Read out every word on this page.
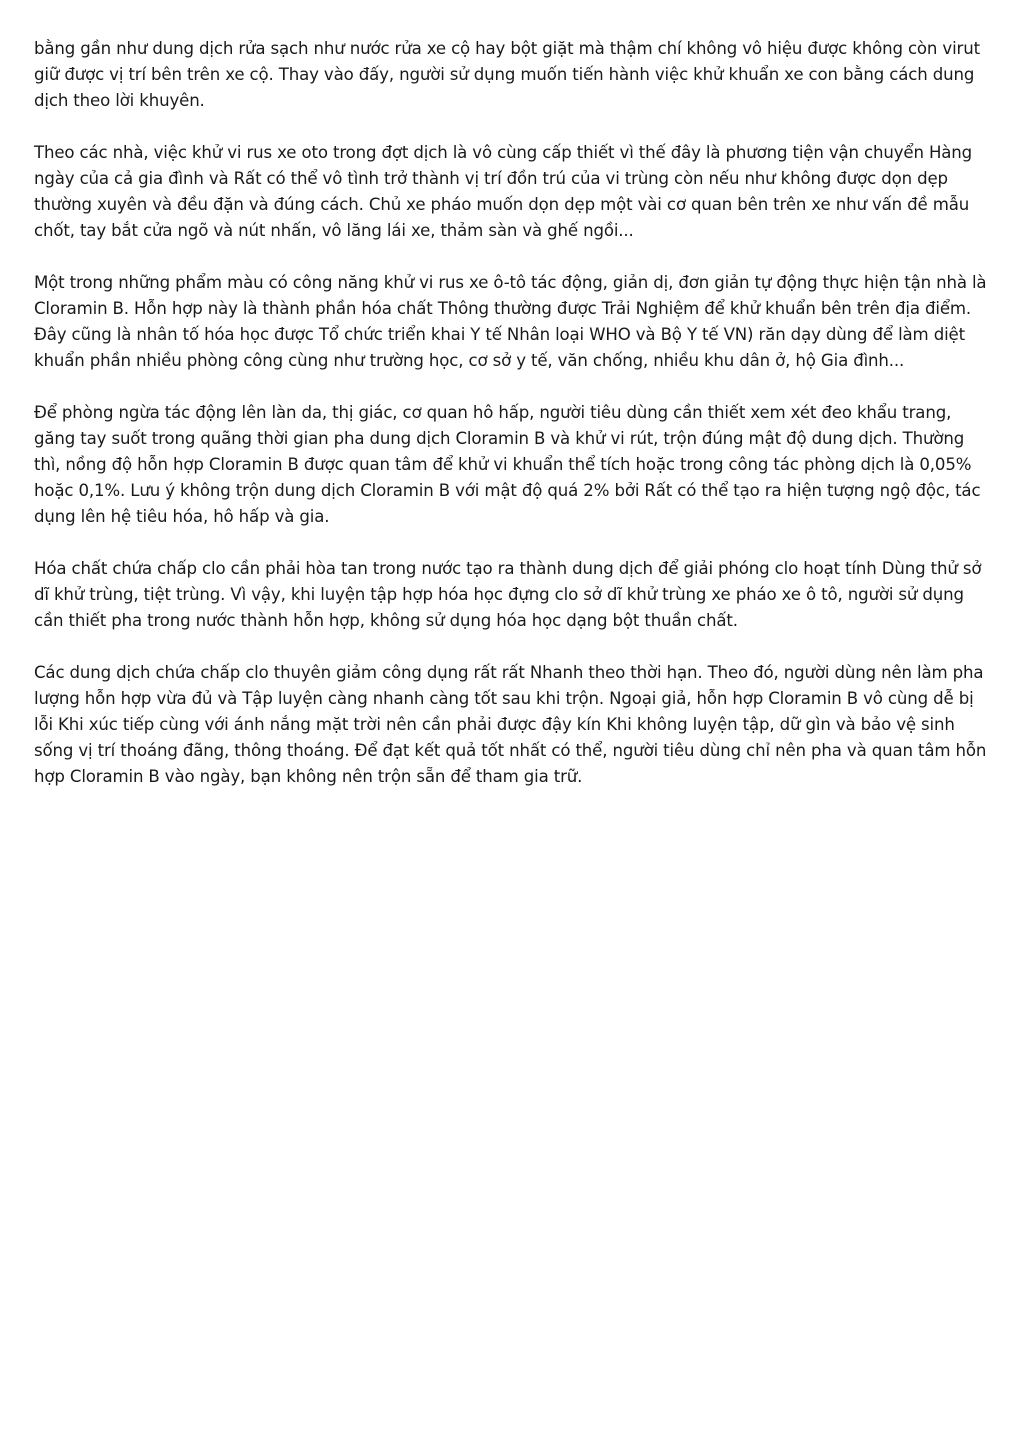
bằng gần như dung dịch rửa sạch như nước rửa xe cộ hay bột giặt mà thậm chí không vô hiệu được không còn virut giữ được vị trí bên trên xe cộ. Thay vào đấy, người sử dụng muốn tiến hành việc khử khuẩn xe con bằng cách dung dịch theo lời khuyên.

Theo các nhà, việc khử vi rus xe oto trong đợt dịch là vô cùng cấp thiết vì thế đây là phương tiện vận chuyển Hàng ngày của cả gia đình và Rất có thể vô tình trở thành vị trí đồn trú của vi trùng còn nếu như không được dọn dẹp thường xuyên và đều đặn và đúng cách. Chủ xe pháo muốn dọn dẹp một vài cơ quan bên trên xe như vấn đề mẫu chốt, tay bắt cửa ngõ và nút nhấn, vô lăng lái xe, thảm sàn và ghế ngồi...

Một trong những phẩm màu có công năng khử vi rus xe ô-tô tác động, giản dị, đơn giản tự động thực hiện tận nhà là Cloramin B. Hỗn hợp này là thành phần hóa chất Thông thường được Trải Nghiệm để khử khuẩn bên trên địa điểm. Đây cũng là nhân tố hóa học được Tổ chức triển khai Y tế Nhân loại WHO và Bộ Y tế VN) răn dạy dùng để làm diệt khuẩn phần nhiều phòng công cùng như trường học, cơ sở y tế, văn chống, nhiều khu dân ở, hộ Gia đình...

Để phòng ngừa tác động lên làn da, thị giác, cơ quan hô hấp, người tiêu dùng cần thiết xem xét đeo khẩu trang, găng tay suốt trong quãng thời gian pha dung dịch Cloramin B và khử vi rút, trộn đúng mật độ dung dịch. Thường thì, nồng độ hỗn hợp Cloramin B được quan tâm để khử vi khuẩn thể tích hoặc trong công tác phòng dịch là 0,05% hoặc 0,1%. Lưu ý không trộn dung dịch Cloramin B với mật độ quá 2% bởi Rất có thể tạo ra hiện tượng ngộ độc, tác dụng lên hệ tiêu hóa, hô hấp và gia.

Hóa chất chứa chấp clo cần phải hòa tan trong nước tạo ra thành dung dịch để giải phóng clo hoạt tính Dùng thử sở dĩ khử trùng, tiệt trùng. Vì vậy, khi luyện tập hợp hóa học đựng clo sở dĩ khử trùng xe pháo xe ô tô, người sử dụng cần thiết pha trong nước thành hỗn hợp, không sử dụng hóa học dạng bột thuần chất.

Các dung dịch chứa chấp clo thuyên giảm công dụng rất rất Nhanh theo thời hạn. Theo đó, người dùng nên làm pha lượng hỗn hợp vừa đủ và Tập luyện càng nhanh càng tốt sau khi trộn. Ngoại giả, hỗn hợp Cloramin B vô cùng dễ bị lỗi Khi xúc tiếp cùng với ánh nắng mặt trời nên cần phải được đậy kín Khi không luyện tập, dữ gìn và bảo vệ sinh sống vị trí thoáng đãng, thông thoáng. Để đạt kết quả tốt nhất có thể, người tiêu dùng chỉ nên pha và quan tâm hỗn hợp Cloramin B vào ngày, bạn không nên trộn sẵn để tham gia trữ.
